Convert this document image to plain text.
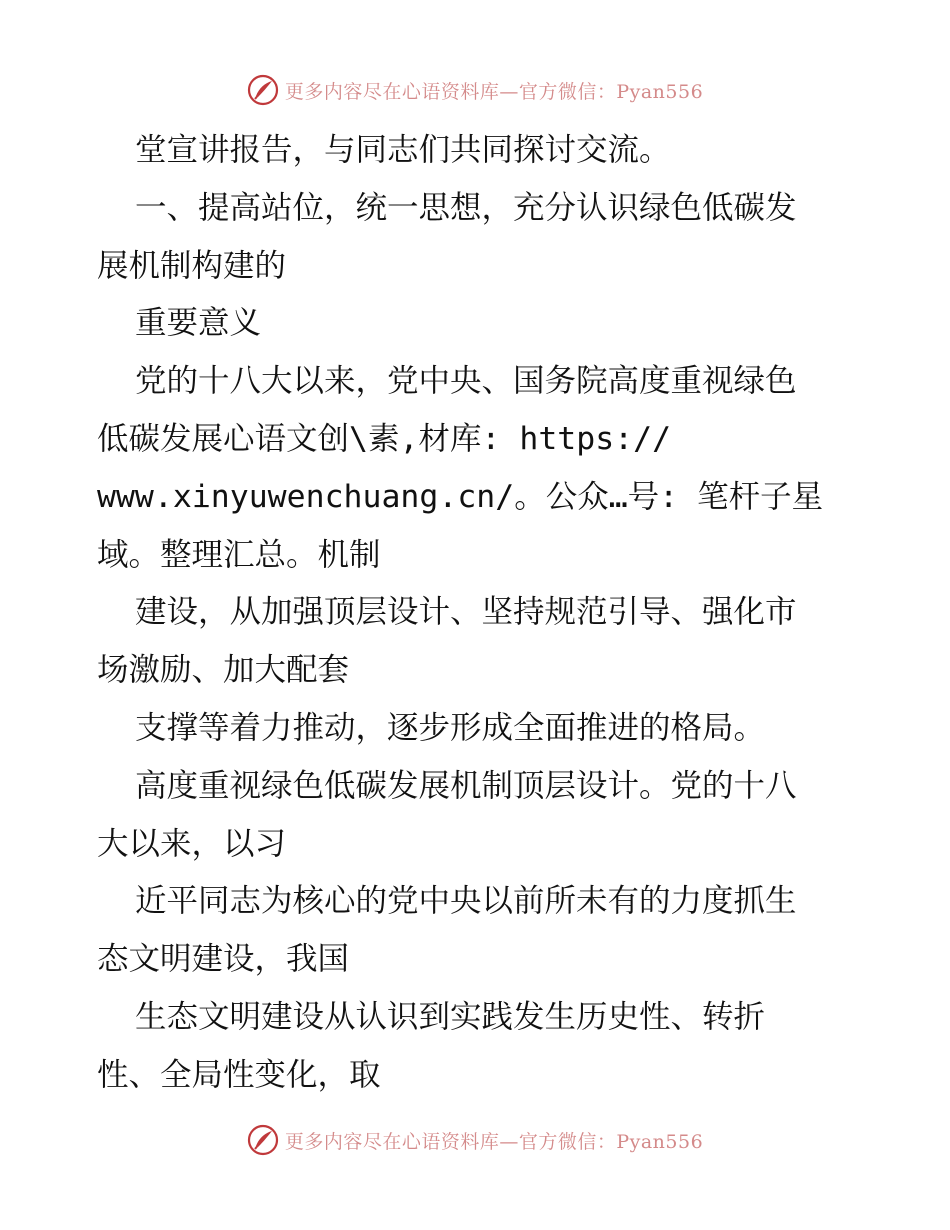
更多内容尽在心语资料库—官方微信：Pyan556
堂宣讲报告，与同志们共同探讨交流。
一、提高站位，统一思想，充分认识绿色低碳发
展机制构建的
重要意义
党的十八大以来，党中央、国务院高度重视绿色
低碳发展心语文创\素,材库: https://
www.xinyuwenchuang.cn/。公众…号: 笔杆子星
域。整理汇总。机制
建设，从加强顶层设计、坚持规范引导、强化市
场激励、加大配套
支撑等着力推动，逐步形成全面推进的格局。
高度重视绿色低碳发展机制顶层设计。党的十八
大以来，以习
近平同志为核心的党中央以前所未有的力度抓生
态文明建设，我国
生态文明建设从认识到实践发生历史性、转折
性、全局性变化，取
更多内容尽在心语资料库—官方微信：Pyan556
